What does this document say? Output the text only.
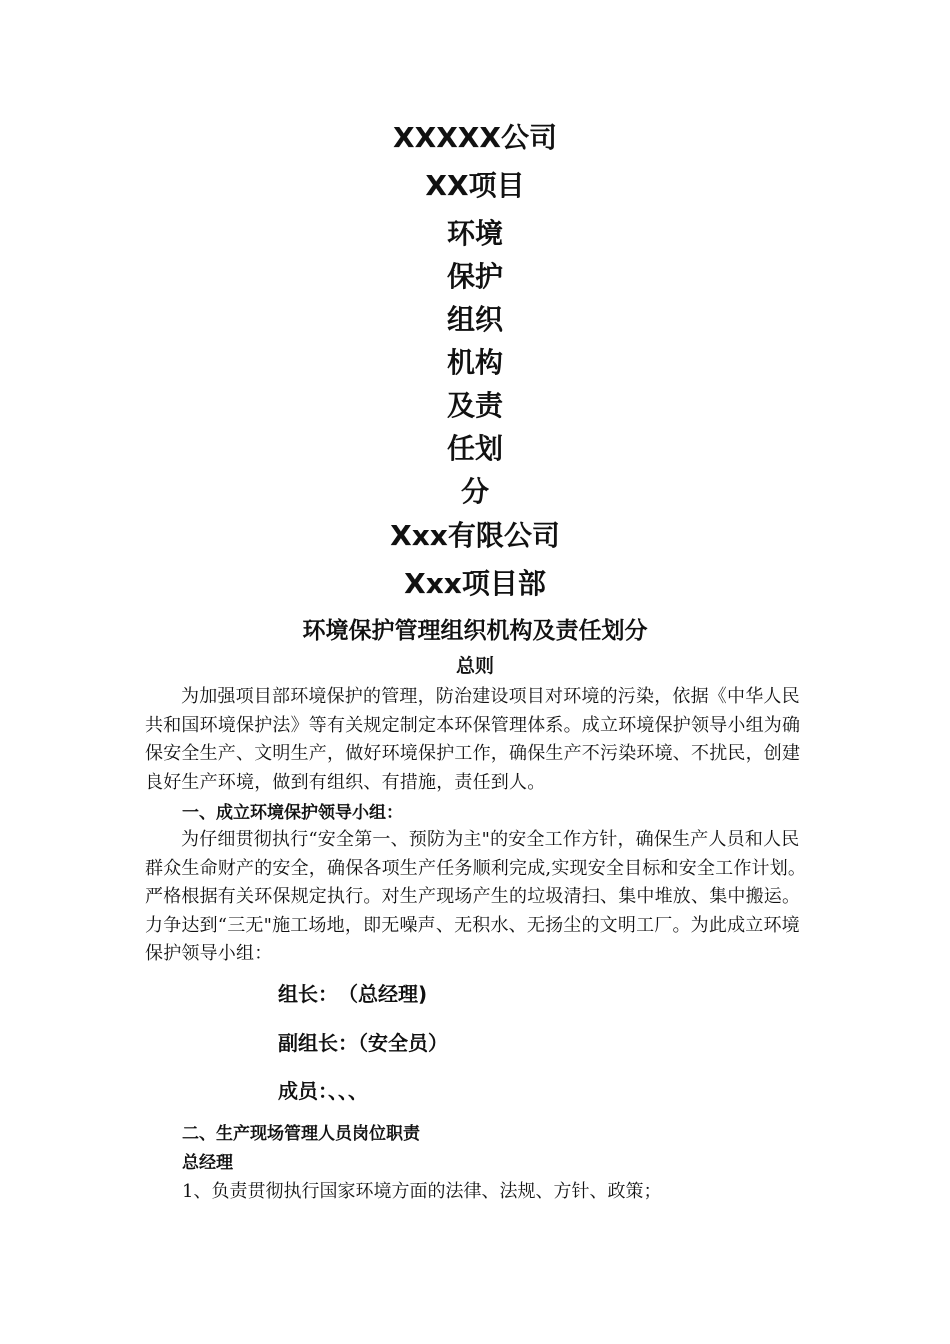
XXXXX公司
XX项目
环境
保护
组织
机构
及责
任划
分
Xxx有限公司
Xxx项目部
环境保护管理组织机构及责任划分
总则

为加强项目部环境保护的管理，防治建设项目对环境的污染，依据《中华人民共和国环境保护法》等有关规定制定本环保管理体系。成立环境保护领导小组为确保安全生产、文明生产，做好环境保护工作，确保生产不污染环境、不扰民，创建良好生产环境，做到有组织、有措施，责任到人。

一、成立环境保护领导小组：

为仔细贯彻执行“安全第一、预防为主"的安全工作方针，确保生产人员和人民群众生命财产的安全，确保各项生产任务顺利完成,实现安全目标和安全工作计划。严格根据有关环保规定执行。对生产现场产生的垃圾清扫、集中堆放、集中搬运。力争达到“三无"施工场地，即无噪声、无积水、无扬尘的文明工厂。为此成立环境保护领导小组：

组长：　（总经理)
副组长：（安全员）
成员：、、、
二、生产现场管理人员岗位职责
总经理
1、负责贯彻执行国家环境方面的法律、法规、方针、政策；
